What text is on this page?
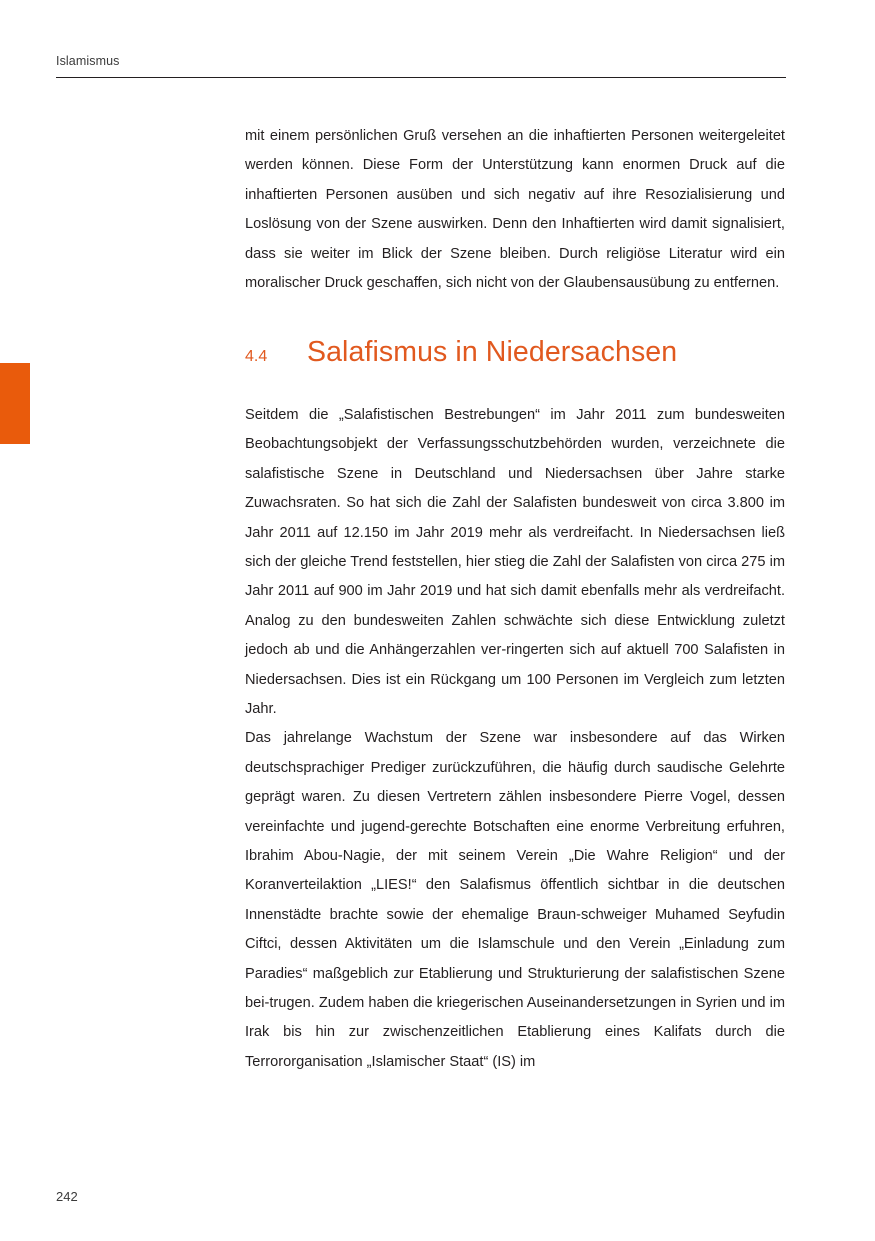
Islamismus

mit einem persönlichen Gruß versehen an die inhaftierten Personen weitergeleitet werden können. Diese Form der Unterstützung kann enormen Druck auf die inhaftierten Personen ausüben und sich negativ auf ihre Resozialisierung und Loslösung von der Szene auswirken. Denn den Inhaftierten wird damit signalisiert, dass sie weiter im Blick der Szene bleiben. Durch religiöse Literatur wird ein moralischer Druck geschaffen, sich nicht von der Glaubensausübung zu entfernen.

4.4	Salafismus in Niedersachsen

Seitdem die „Salafistischen Bestrebungen“ im Jahr 2011 zum bundesweiten Beobachtungsobjekt der Verfassungsschutzbehörden wurden, verzeichnete die salafistische Szene in Deutschland und Niedersachsen über Jahre starke Zuwachsraten. So hat sich die Zahl der Salafisten bundesweit von circa 3.800 im Jahr 2011 auf 12.150 im Jahr 2019 mehr als verdreifacht. In Niedersachsen ließ sich der gleiche Trend feststellen, hier stieg die Zahl der Salafisten von circa 275 im Jahr 2011 auf 900 im Jahr 2019 und hat sich damit ebenfalls mehr als verdreifacht. Analog zu den bundesweiten Zahlen schwächte sich diese Entwicklung zuletzt jedoch ab und die Anhängerzahlen ver-ringerten sich auf aktuell 700 Salafisten in Niedersachsen. Dies ist ein Rückgang um 100 Personen im Vergleich zum letzten Jahr.

Das jahrelange Wachstum der Szene war insbesondere auf das Wirken deutschsprachiger Prediger zurückzuführen, die häufig durch saudische Gelehrte geprägt waren. Zu diesen Vertretern zählen insbesondere Pierre Vogel, dessen vereinfachte und jugend-gerechte Botschaften eine enorme Verbreitung erfuhren, Ibrahim Abou-Nagie, der mit seinem Verein „Die Wahre Religion“ und der Koranverteilaktion „LIES!“ den Salafismus öffentlich sichtbar in die deutschen Innenstädte brachte sowie der ehemalige Braun-schweiger Muhamed Seyfudin Ciftci, dessen Aktivitäten um die Islamschule und den Verein „Einladung zum Paradies“ maßgeblich zur Etablierung und Strukturierung der salafistischen Szene bei-trugen. Zudem haben die kriegerischen Auseinandersetzungen in Syrien und im Irak bis hin zur zwischenzeitlichen Etablierung eines Kalifats durch die Terrororganisation „Islamischer Staat“ (IS) im

242
